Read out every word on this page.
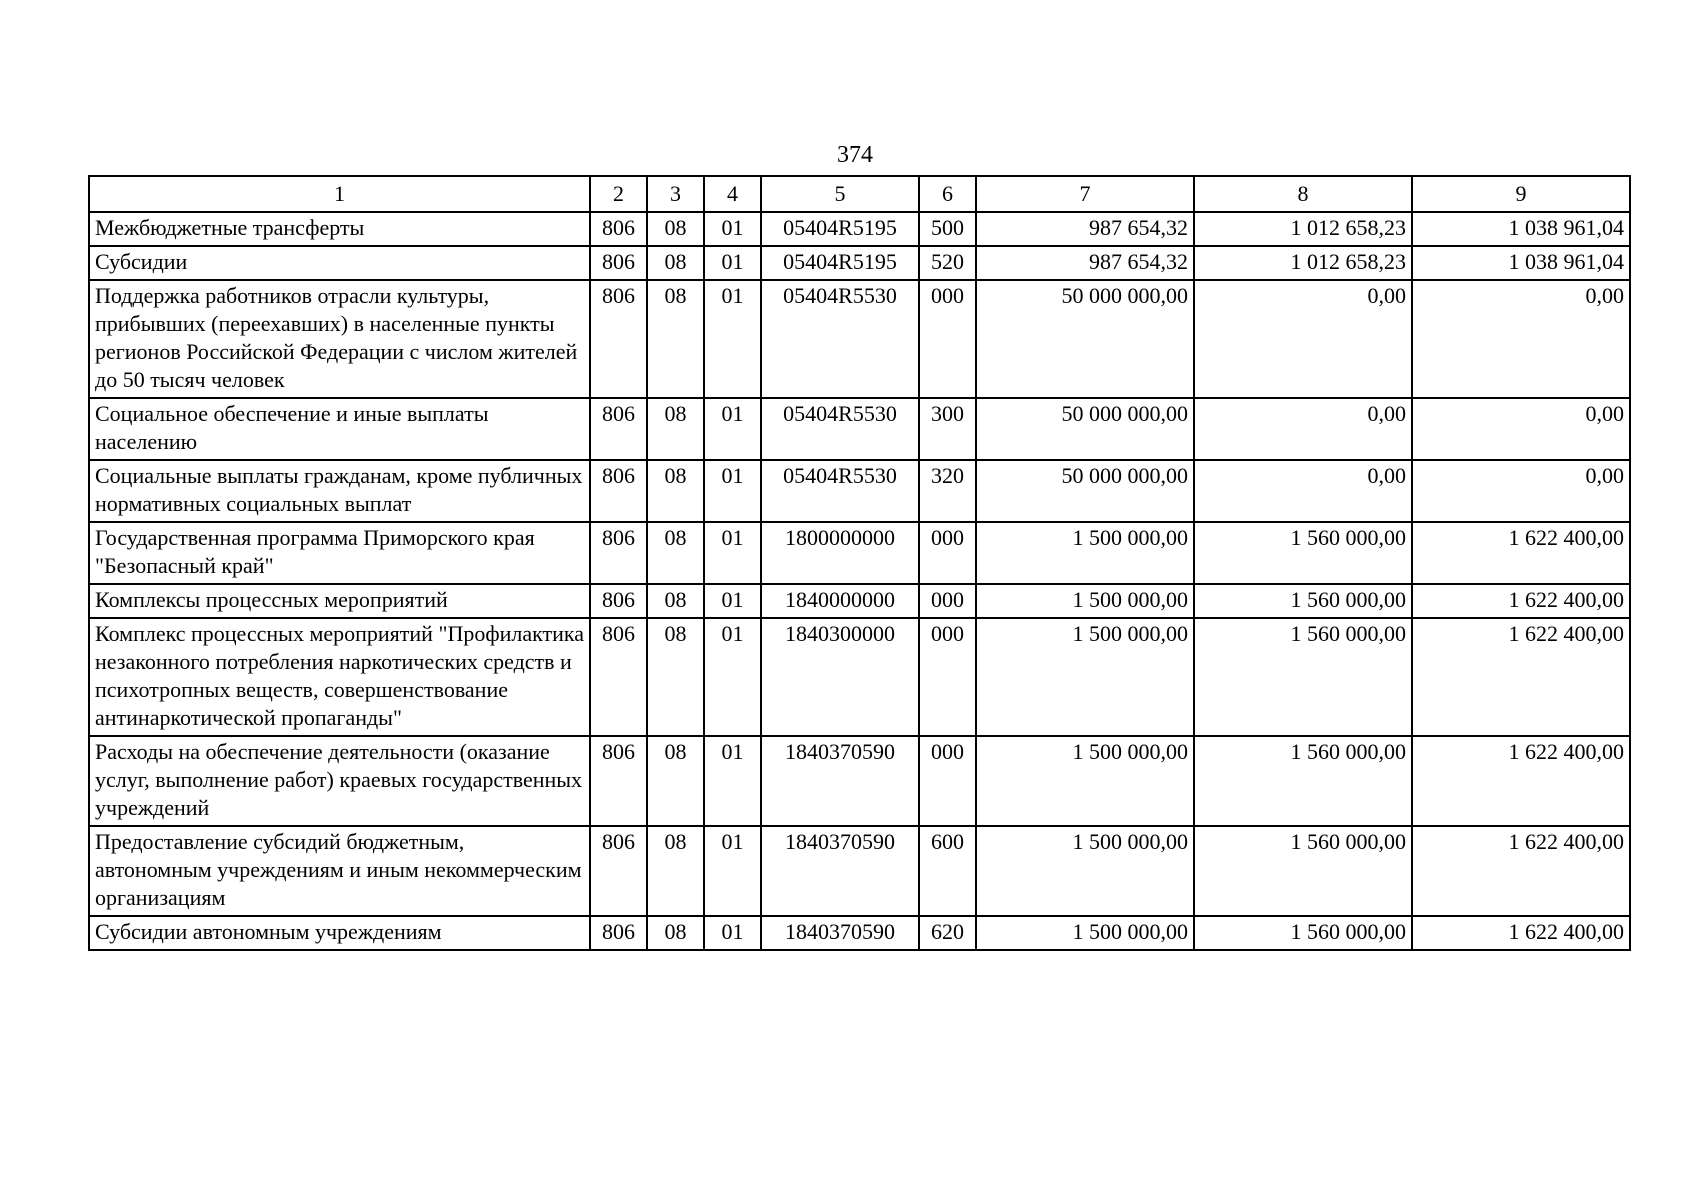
374
1	2	3	4	5	6	7	8	9
Межбюджетные трансферты	806	08	01	05404R5195	500	987 654,32	1 012 658,23	1 038 961,04
Субсидии	806	08	01	05404R5195	520	987 654,32	1 012 658,23	1 038 961,04
Поддержка работников отрасли культуры, прибывших (переехавших) в населенные пункты регионов Российской Федерации с числом жителей до 50 тысяч человек	806	08	01	05404R5530	000	50 000 000,00	0,00	0,00
Социальное обеспечение и иные выплаты населению	806	08	01	05404R5530	300	50 000 000,00	0,00	0,00
Социальные выплаты гражданам, кроме публичных нормативных социальных выплат	806	08	01	05404R5530	320	50 000 000,00	0,00	0,00
Государственная программа Приморского края "Безопасный край"	806	08	01	1800000000	000	1 500 000,00	1 560 000,00	1 622 400,00
Комплексы процессных мероприятий	806	08	01	1840000000	000	1 500 000,00	1 560 000,00	1 622 400,00
Комплекс процессных мероприятий "Профилактика незаконного потребления наркотических средств и психотропных веществ, совершенствование антинаркотической пропаганды"	806	08	01	1840300000	000	1 500 000,00	1 560 000,00	1 622 400,00
Расходы на обеспечение деятельности (оказание услуг, выполнение работ) краевых государственных учреждений	806	08	01	1840370590	000	1 500 000,00	1 560 000,00	1 622 400,00
Предоставление субсидий бюджетным, автономным учреждениям и иным некоммерческим организациям	806	08	01	1840370590	600	1 500 000,00	1 560 000,00	1 622 400,00
Субсидии автономным учреждениям	806	08	01	1840370590	620	1 500 000,00	1 560 000,00	1 622 400,00
